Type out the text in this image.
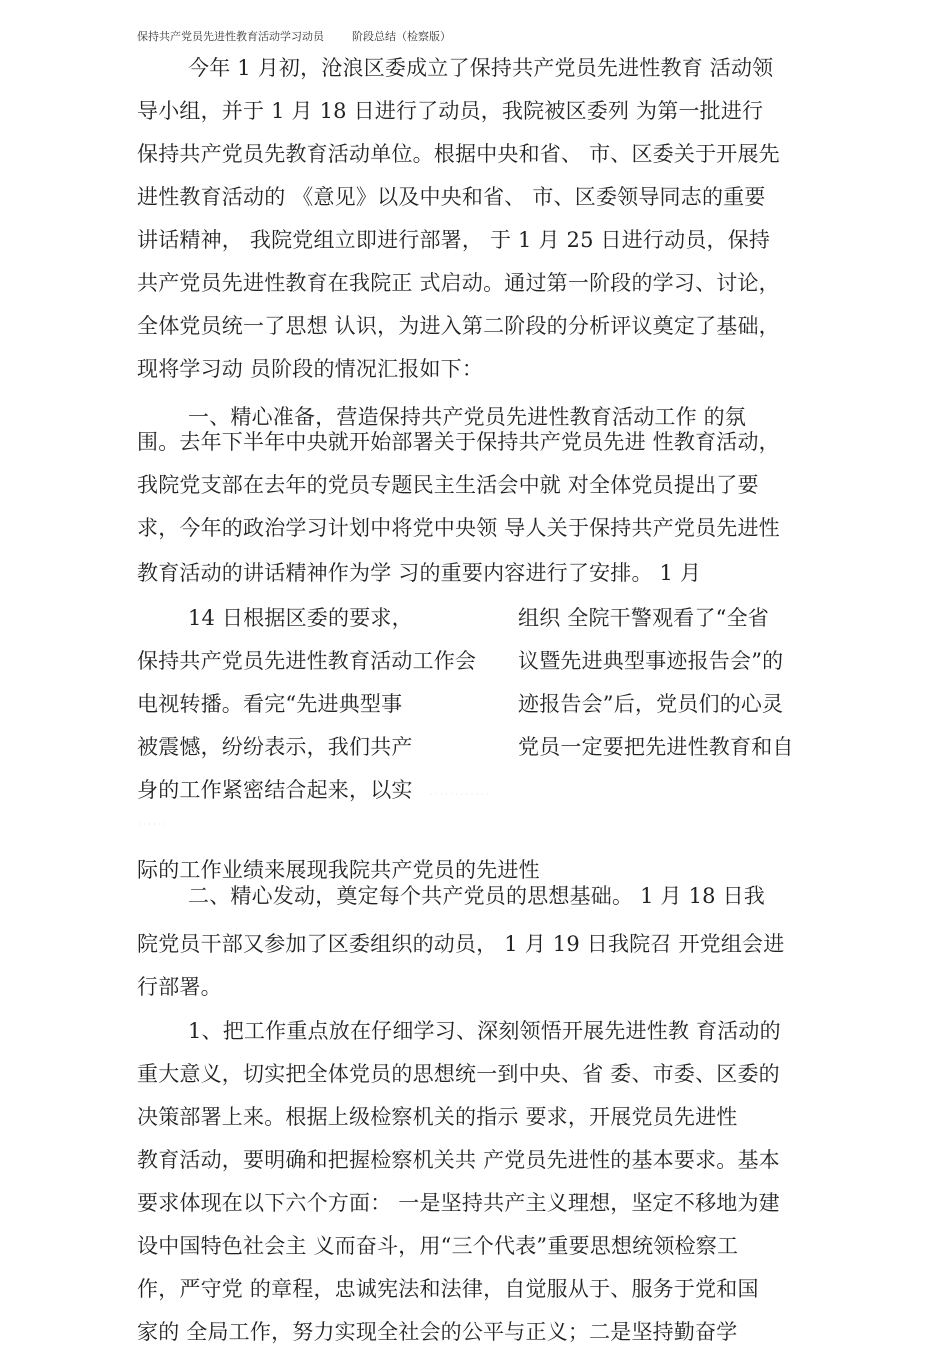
保持共产党员先进性教育活动学习动员	阶段总结（检察版）
今年 1 月初，沧浪区委成立了保持共产党员先进性教育 活动领
导小组，并于 1 月 18 日进行了动员，我院被区委列 为第一批进行
保持共产党员先教育活动单位。根据中央和省、 市、区委关于开展先
进性教育活动的 《意见》以及中央和省、 市、区委领导同志的重要
讲话精神， 我院党组立即进行部署， 于 1 月 25 日进行动员，保持
共产党员先进性教育在我院正 式启动。通过第一阶段的学习、讨论，
全体党员统一了思想 认识，为进入第二阶段的分析评议奠定了基础，
现将学习动 员阶段的情况汇报如下：
一、精心准备，营造保持共产党员先进性教育活动工作 的氛
围。去年下半年中央就开始部署关于保持共产党员先进 性教育活动，
我院党支部在去年的党员专题民主生活会中就 对全体党员提出了要
求，今年的政治学习计划中将党中央领 导人关于保持共产党员先进性
教育活动的讲话精神作为学 习的重要内容进行了安排。 1 月
14 日根据区委的要求，
保持共产党员先进性教育活动工作会
电视转播。看完“先进典型事
被震憾，纷纷表示，我们共产
身的工作紧密结合起来，以实
组织 全院干警观看了“全省
议暨先进典型事迹报告会”的
迹报告会”后，党员们的心灵
党员一定要把先进性教育和自
· · · · · · · · · · · ·
· · · · · ·
际的工作业绩来展现我院共产党员的先进性
二、精心发动，奠定每个共产党员的思想基础。 1 月 18 日我
院党员干部又参加了区委组织的动员， 1 月 19 日我院召 开党组会进
行部署。
1、把工作重点放在仔细学习、深刻领悟开展先进性教 育活动的
重大意义，切实把全体党员的思想统一到中央、省 委、市委、区委的
决策部署上来。根据上级检察机关的指示 要求，开展党员先进性
教育活动，要明确和把握检察机关共 产党员先进性的基本要求。基本
要求体现在以下六个方面： 一是坚持共产主义理想，坚定不移地为建
设中国特色社会主 义而奋斗，用“三个代表”重要思想统领检察工
作，严守党 的章程，忠诚宪法和法律，自觉服从于、服务于党和国
家的 全局工作，努力实现全社会的公平与正义；二是坚持勤奋学
